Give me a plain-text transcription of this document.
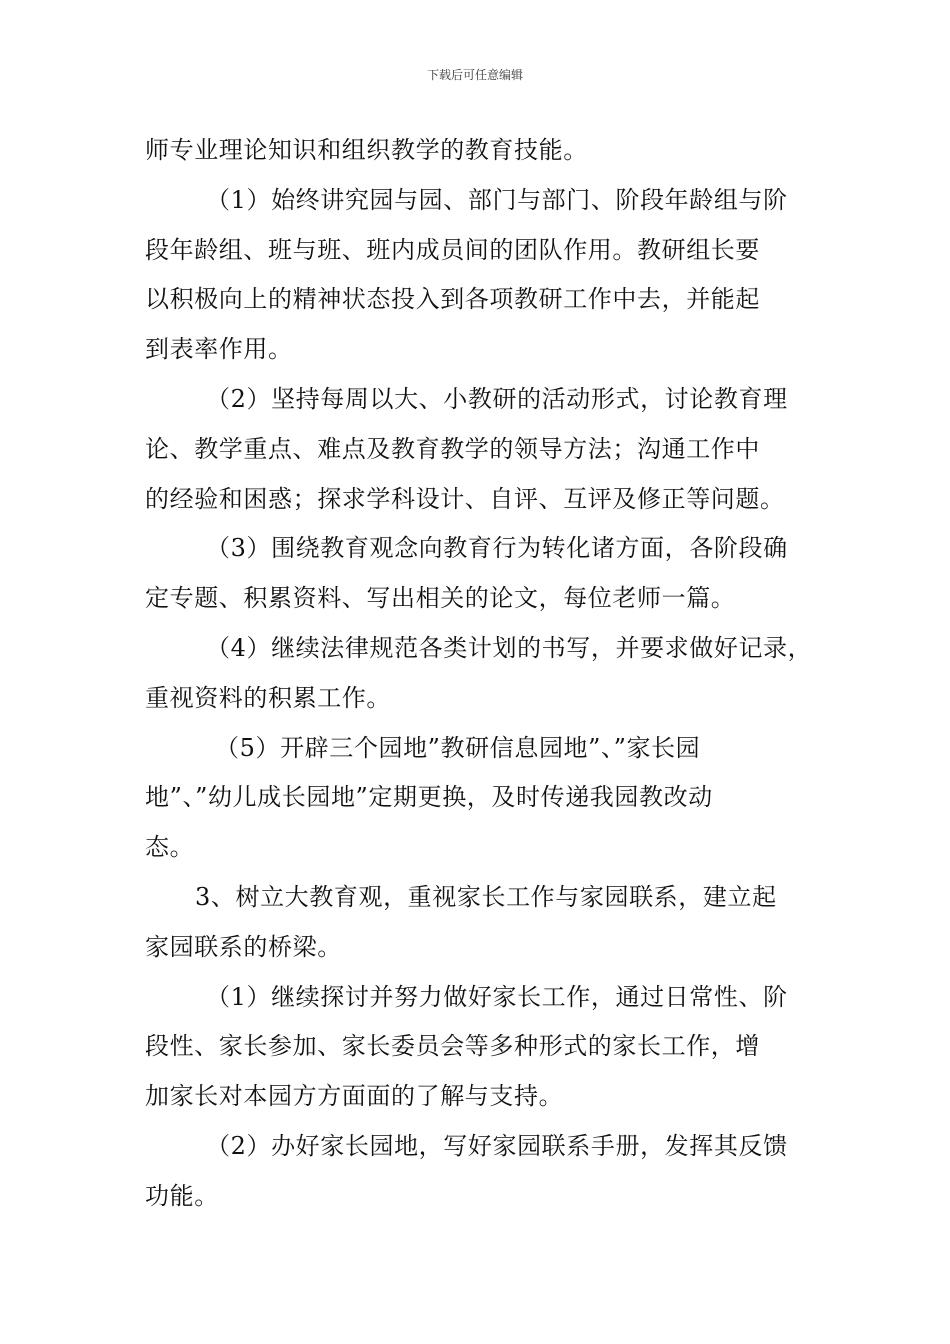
下载后可任意编辑
师专业理论知识和组织教学的教育技能。
（1）始终讲究园与园、部门与部门、阶段年龄组与阶
段年龄组、班与班、班内成员间的团队作用。教研组长要
以积极向上的精神状态投入到各项教研工作中去，并能起
到表率作用。
（2）坚持每周以大、小教研的活动形式，讨论教育理
论、教学重点、难点及教育教学的领导方法；沟通工作中
的经验和困惑；探求学科设计、自评、互评及修正等问题。
（3）围绕教育观念向教育行为转化诸方面，各阶段确
定专题、积累资料、写出相关的论文，每位老师一篇。
（4）继续法律规范各类计划的书写，并要求做好记录，
重视资料的积累工作。
（5）开辟三个园地”教研信息园地”、”家长园
地”、”幼儿成长园地”定期更换，及时传递我园教改动
态。
3、树立大教育观，重视家长工作与家园联系，建立起
家园联系的桥梁。
（1）继续探讨并努力做好家长工作，通过日常性、阶
段性、家长参加、家长委员会等多种形式的家长工作，增
加家长对本园方方面面的了解与支持。
（2）办好家长园地，写好家园联系手册，发挥其反馈
功能。
